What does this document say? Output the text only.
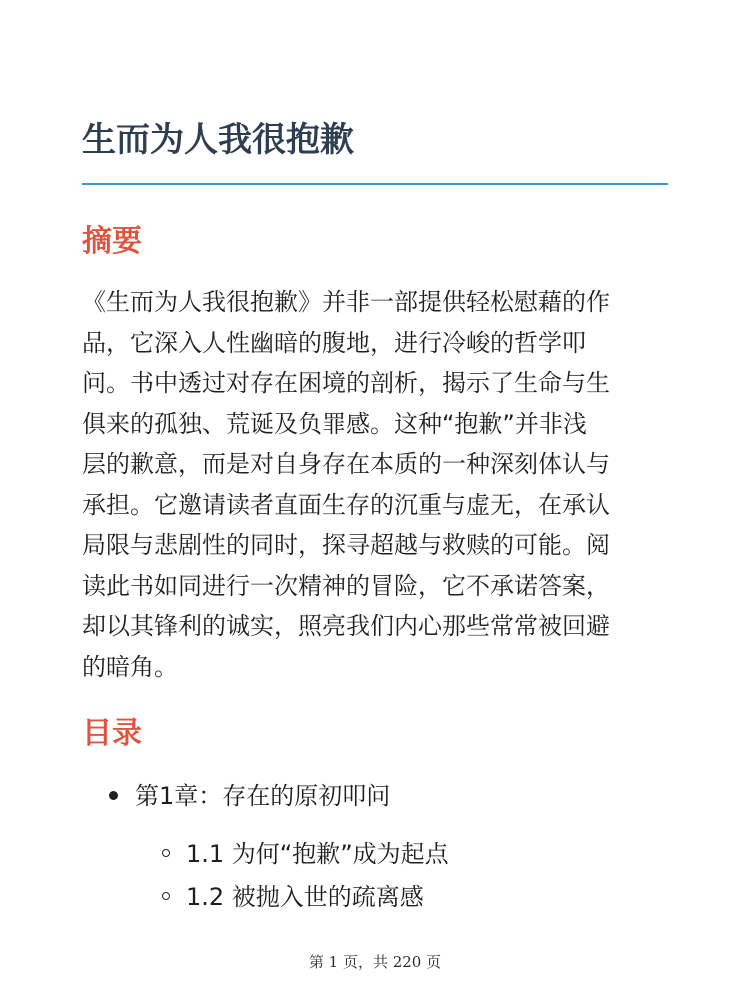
生而为人我很抱歉
摘要

《生而为人我很抱歉》并非一部提供轻松慰藉的作
品，它深入人性幽暗的腹地，进行冷峻的哲学叩
问。书中透过对存在困境的剖析，揭示了生命与生
俱来的孤独、荒诞及负罪感。这种“抱歉”并非浅
层的歉意，而是对自身存在本质的一种深刻体认与
承担。它邀请读者直面生存的沉重与虚无，在承认
局限与悲剧性的同时，探寻超越与救赎的可能。阅
读此书如同进行一次精神的冒险，它不承诺答案，
却以其锋利的诚实，照亮我们内心那些常常被回避
的暗角。

目录
第1章：存在的原初叩问
1.1 为何“抱歉”成为起点
1.2 被抛入世的疏离感
第 1 页，共 220 页
